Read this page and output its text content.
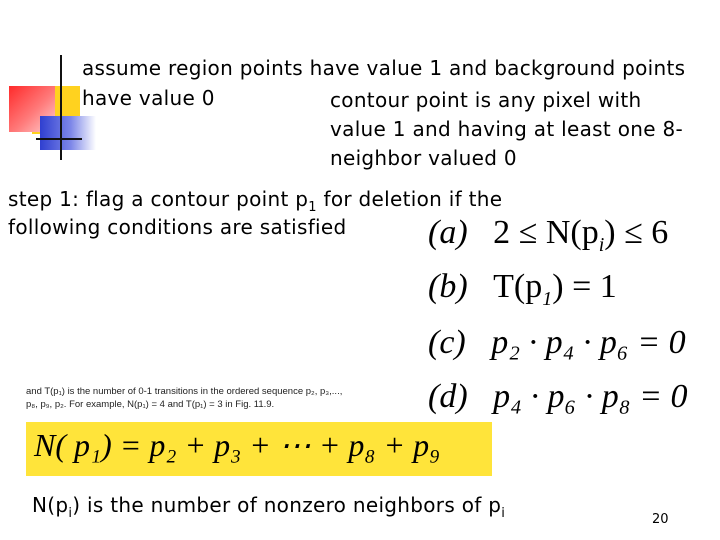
assume region points have value 1 and background points
have value 0	contour point is any pixel with
value 1 and having at least one 8-
neighbor valued 0
step 1: flag a contour point $p_1$ for deletion if the
following conditions are satisfied (a) $2 \le N(p_i) \le 6$
(b) $T(p_1) = 1$
(c) p₂ · p₄ · p₆ = 0
(d) p₄ · p₆ · p₈ = 0
and T(p₁) is the number of 0-1 transitions in the ordered sequence p₂, p₃,...,
p₈, p₉, p₂. For example, N(p₁) = 4 and T(p₁) = 3 in Fig. 11.9.
N( p₁) = p₂ + p₃ + ⋯ + p₈ + p₉
$N(p_i)$ is the number of nonzero neighbors of $p_i$	20
